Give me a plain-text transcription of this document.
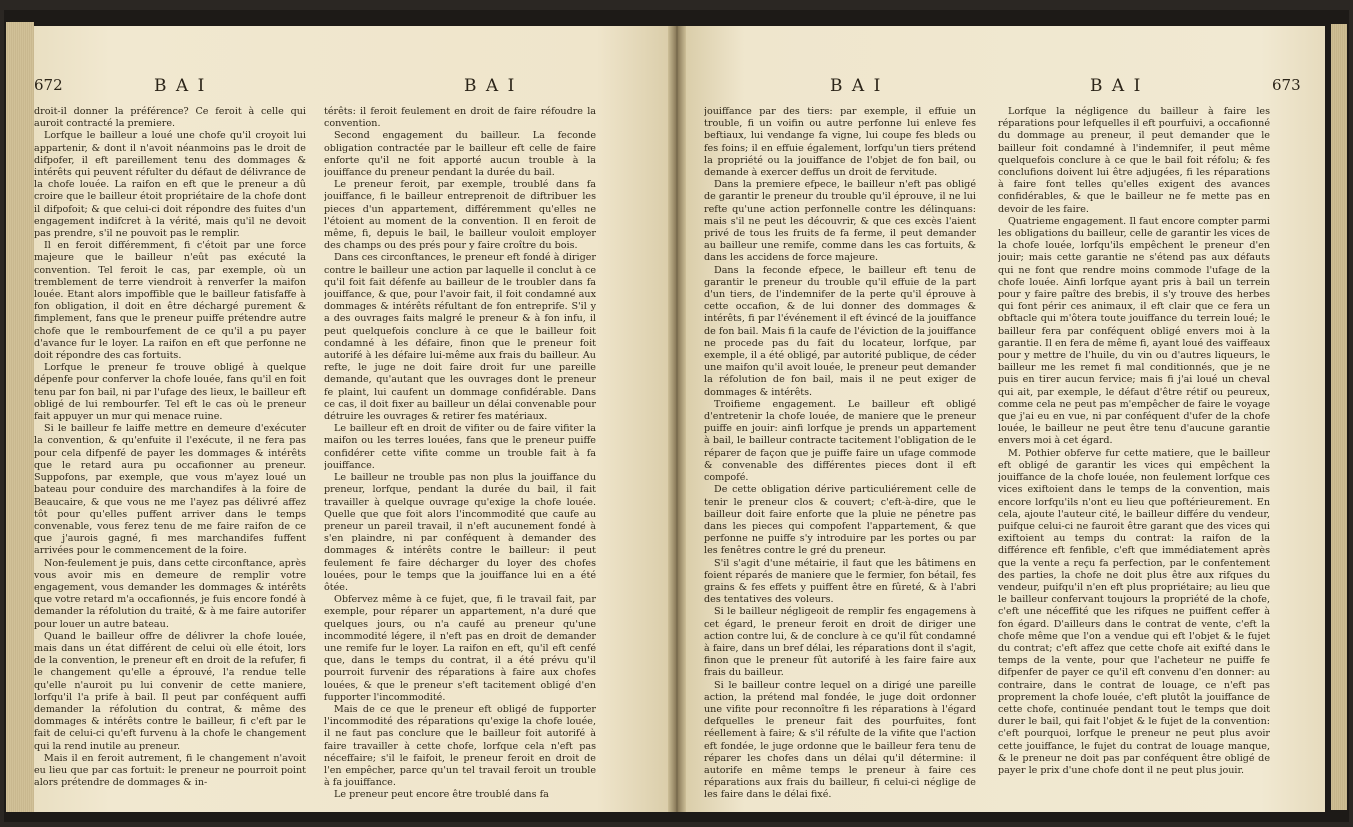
672	B A I	B A I

droit-il donner la préférence? Ce feroit à celle qui auroit contracté la premiere.

Lorfque le bailleur a loué une chofe qu'il croyoit lui appartenir, & dont il n'avoit néanmoins pas le droit de difpofer, il eft pareillement tenu des dommages & intérêts qui peuvent réfulter du défaut de délivrance de la chofe louée. La raifon en eft que le preneur a dû croire que le bailleur étoit propriétaire de la chofe dont il difpofoit; & que celui-ci doit répondre des fuites d'un engagement indifcret à la vérité, mais qu'il ne devoit pas prendre, s'il ne pouvoit pas le remplir.

Il en feroit différemment, fi c'étoit par une force majeure que le bailleur n'eût pas exécuté la convention. Tel feroit le cas, par exemple, où un tremblement de terre viendroit à renverfer la maifon louée. Etant alors impoffible que le bailleur fatisfaffe à fon obligation, il doit en être déchargé purement & fimplement, fans que le preneur puiffe prétendre autre chofe que le rembourfement de ce qu'il a pu payer d'avance fur le loyer. La raifon en eft que perfonne ne doit répondre des cas fortuits.

Lorfque le preneur fe trouve obligé à quelque dépenfe pour conferver la chofe louée, fans qu'il en foit tenu par fon bail, ni par l'ufage des lieux, le bailleur eft obligé de lui rembourfer. Tel eft le cas où le preneur fait appuyer un mur qui menace ruine.

Si le bailleur fe laiffe mettre en demeure d'exécuter la convention, & qu'enfuite il l'exécute, il ne fera pas pour cela difpenfé de payer les dommages & intérêts que le retard aura pu occafionner au preneur. Suppofons, par exemple, que vous m'ayez loué un bateau pour conduire des marchandifes à la foire de Beaucaire, & que vous ne me l'ayez pas délivré affez tôt pour qu'elles puffent arriver dans le temps convenable, vous ferez tenu de me faire raifon de ce que j'aurois gagné, fi mes marchandifes fuffent arrivées pour le commencement de la foire.

Non-feulement je puis, dans cette circonftance, après vous avoir mis en demeure de remplir votre engagement, vous demander les dommages & intérêts que votre retard m'a occafionnés, je fuis encore fondé à demander la réfolution du traité, & à me faire autorifer pour louer un autre bateau.

Quand le bailleur offre de délivrer la chofe louée, mais dans un état différent de celui où elle étoit, lors de la convention, le preneur eft en droit de la refufer, fi le changement qu'elle a éprouvé, l'a rendue telle qu'elle n'auroit pu lui convenir de cette maniere, lorfqu'il l'a prife à bail. Il peut par conféquent auffi demander la réfolution du contrat, & même des dommages & intérêts contre le bailleur, fi c'eft par le fait de celui-ci qu'eft furvenu à la chofe le changement qui la rend inutile au preneur.

Mais il en feroit autrement, fi le changement n'avoit eu lieu que par cas fortuit: le preneur ne pourroit point alors prétendre de dommages & in-

térêts: il feroit feulement en droit de faire réfoudre la convention.

Second engagement du bailleur. La feconde obligation contractée par le bailleur eft celle de faire enforte qu'il ne foit apporté aucun trouble à la jouiffance du preneur pendant la durée du bail.

Le preneur feroit, par exemple, troublé dans fa jouiffance, fi le bailleur entreprenoit de diftribuer les pieces d'un appartement, différemment qu'elles ne l'étoient au moment de la convention. Il en feroit de même, fi, depuis le bail, le bailleur vouloit employer des champs ou des prés pour y faire croître du bois.

Dans ces circonftances, le preneur eft fondé à diriger contre le bailleur une action par laquelle il conclut à ce qu'il foit fait défenfe au bailleur de le troubler dans fa jouiffance, & que, pour l'avoir fait, il foit condamné aux dommages & intérêts réfultant de fon entreprife. S'il y a des ouvrages faits malgré le preneur & à fon infu, il peut quelquefois conclure à ce que le bailleur foit condamné à les défaire, finon que le preneur foit autorifé à les défaire lui-même aux frais du bailleur. Au refte, le juge ne doit faire droit fur une pareille demande, qu'autant que les ouvrages dont le preneur fe plaint, lui caufent un dommage confidérable. Dans ce cas, il doit fixer au bailleur un délai convenable pour détruire les ouvrages & retirer fes matériaux.

Le bailleur eft en droit de vifiter ou de faire vifiter la maifon ou les terres louées, fans que le preneur puiffe confidérer cette vifite comme un trouble fait à fa jouiffance.

Le bailleur ne trouble pas non plus la jouiffance du preneur, lorfque, pendant la durée du bail, il fait travailler à quelque ouvrage qu'exige la chofe louée. Quelle que que foit alors l'incommodité que caufe au preneur un pareil travail, il n'eft aucunement fondé à s'en plaindre, ni par conféquent à demander des dommages & intérêts contre le bailleur: il peut feulement fe faire décharger du loyer des chofes louées, pour le temps que la jouiffance lui en a été ôtée.

Obfervez même à ce fujet, que, fi le travail fait, par exemple, pour réparer un appartement, n'a duré que quelques jours, ou n'a caufé au preneur qu'une incommodité légere, il n'eft pas en droit de demander une remife fur le loyer. La raifon en eft, qu'il eft cenfé que, dans le temps du contrat, il a été prévu qu'il pourroit furvenir des réparations à faire aux chofes louées, & que le preneur s'eft tacitement obligé d'en fupporter l'incommodité.

Mais de ce que le preneur eft obligé de fupporter l'incommodité des réparations qu'exige la chofe louée, il ne faut pas conclure que le bailleur foit autorifé à faire travailler à cette chofe, lorfque cela n'eft pas néceffaire; s'il le faifoit, le preneur feroit en droit de l'en empêcher, parce qu'un tel travail feroit un trouble à fa jouiffance.

Le preneur peut encore être troublé dans fa

B A I	B A I	673

jouiffance par des tiers: par exemple, il effuie un trouble, fi un voifin ou autre perfonne lui enleve fes beftiaux, lui vendange fa vigne, lui coupe fes bleds ou fes foins; il en effuie également, lorfqu'un tiers prétend la propriété ou la jouiffance de l'objet de fon bail, ou demande à exercer deffus un droit de fervitude.

Dans la premiere efpece, le bailleur n'eft pas obligé de garantir le preneur du trouble qu'il éprouve, il ne lui refte qu'une action perfonnelle contre les délinquans: mais s'il ne peut les découvrir, & que ces excès l'aient privé de tous les fruits de fa ferme, il peut demander au bailleur une remife, comme dans les cas fortuits, & dans les accidens de force majeure.

Dans la feconde efpece, le bailleur eft tenu de garantir le preneur du trouble qu'il effuie de la part d'un tiers, de l'indemnifer de la perte qu'il éprouve à cette occafion, & de lui donner des dommages & intérêts, fi par l'événement il eft évincé de la jouiffance de fon bail. Mais fi la caufe de l'éviction de la jouiffance ne procede pas du fait du locateur, lorfque, par exemple, il a été obligé, par autorité publique, de céder une maifon qu'il avoit louée, le preneur peut demander la réfolution de fon bail, mais il ne peut exiger de dommages & intérêts.

Troifieme engagement. Le bailleur eft obligé d'entretenir la chofe louée, de maniere que le preneur puiffe en jouir: ainfi lorfque je prends un appartement à bail, le bailleur contracte tacitement l'obligation de le réparer de façon que je puiffe faire un ufage commode & convenable des différentes pieces dont il eft compofé.

De cette obligation dérive particuliérement celle de tenir le preneur clos & couvert; c'eft-à-dire, que le bailleur doit faire enforte que la pluie ne pénetre pas dans les pieces qui compofent l'appartement, & que perfonne ne puiffe s'y introduire par les portes ou par les fenêtres contre le gré du preneur.

S'il s'agit d'une métairie, il faut que les bâtimens en foient réparés de maniere que le fermier, fon bétail, fes grains & fes effets y puiffent être en fûreté, & à l'abri des tentatives des voleurs.

Si le bailleur négligeoit de remplir fes engagemens à cet égard, le preneur feroit en droit de diriger une action contre lui, & de conclure à ce qu'il fût condamné à faire, dans un bref délai, les réparations dont il s'agit, finon que le preneur fût autorifé à les faire faire aux frais du bailleur.

Si le bailleur contre lequel on a dirigé une pareille action, la prétend mal fondée, le juge doit ordonner une vifite pour reconnoître fi les réparations à l'égard defquelles le preneur fait des pourfuites, font réellement à faire; & s'il réfulte de la vifite que l'action eft fondée, le juge ordonne que le bailleur fera tenu de réparer les chofes dans un délai qu'il détermine: il autorife en même temps le preneur à faire ces réparations aux frais du bailleur, fi celui-ci néglige de les faire dans le délai fixé.

Lorfque la négligence du bailleur à faire les réparations pour lefquelles il eft pourfuivi, a occafionné du dommage au preneur, il peut demander que le bailleur foit condamné à l'indemnifer, il peut même quelquefois conclure à ce que le bail foit réfolu; & fes conclufions doivent lui être adjugées, fi les réparations à faire font telles qu'elles exigent des avances confidérables, & que le bailleur ne fe mette pas en devoir de les faire.

Quatrieme engagement. Il faut encore compter parmi les obligations du bailleur, celle de garantir les vices de la chofe louée, lorfqu'ils empêchent le preneur d'en jouir; mais cette garantie ne s'étend pas aux défauts qui ne font que rendre moins commode l'ufage de la chofe louée. Ainfi lorfque ayant pris à bail un terrein pour y faire paître des brebis, il s'y trouve des herbes qui font périr ces animaux, il eft clair que ce fera un obftacle qui m'ôtera toute jouiffance du terrein loué; le bailleur fera par conféquent obligé envers moi à la garantie. Il en fera de même fi, ayant loué des vaiffeaux pour y mettre de l'huile, du vin ou d'autres liqueurs, le bailleur me les remet fi mal conditionnés, que je ne puis en tirer aucun fervice; mais fi j'ai loué un cheval qui ait, par exemple, le défaut d'être rétif ou peureux, comme cela ne peut pas m'empêcher de faire le voyage que j'ai eu en vue, ni par conféquent d'ufer de la chofe louée, le bailleur ne peut être tenu d'aucune garantie envers moi à cet égard.

M. Pothier obferve fur cette matiere, que le bailleur eft obligé de garantir les vices qui empêchent la jouiffance de la chofe louée, non feulement lorfque ces vices exiftoient dans le temps de la convention, mais encore lorfqu'ils n'ont eu lieu que poftérieurement. En cela, ajoute l'auteur cité, le bailleur différe du vendeur, puifque celui-ci ne fauroit être garant que des vices qui exiftoient au temps du contrat: la raifon de la différence eft fenfible, c'eft que immédiatement après que la vente a reçu fa perfection, par le confentement des parties, la chofe ne doit plus être aux rifques du vendeur, puifqu'il n'en eft plus propriétaire; au lieu que le bailleur confervant toujours la propriété de la chofe, c'eft une néceffité que les rifques ne puiffent ceffer à fon égard. D'ailleurs dans le contrat de vente, c'eft la chofe même que l'on a vendue qui eft l'objet & le fujet du contrat; c'eft affez que cette chofe ait exifté dans le temps de la vente, pour que l'acheteur ne puiffe fe difpenfer de payer ce qu'il eft convenu d'en donner: au contraire, dans le contrat de louage, ce n'eft pas proprement la chofe louée, c'eft plutôt la jouiffance de cette chofe, continuée pendant tout le temps que doit durer le bail, qui fait l'objet & le fujet de la convention: c'eft pourquoi, lorfque le preneur ne peut plus avoir cette jouiffance, le fujet du contrat de louage manque, & le preneur ne doit pas par conféquent être obligé de payer le prix d'une chofe dont il ne peut plus jouir.
